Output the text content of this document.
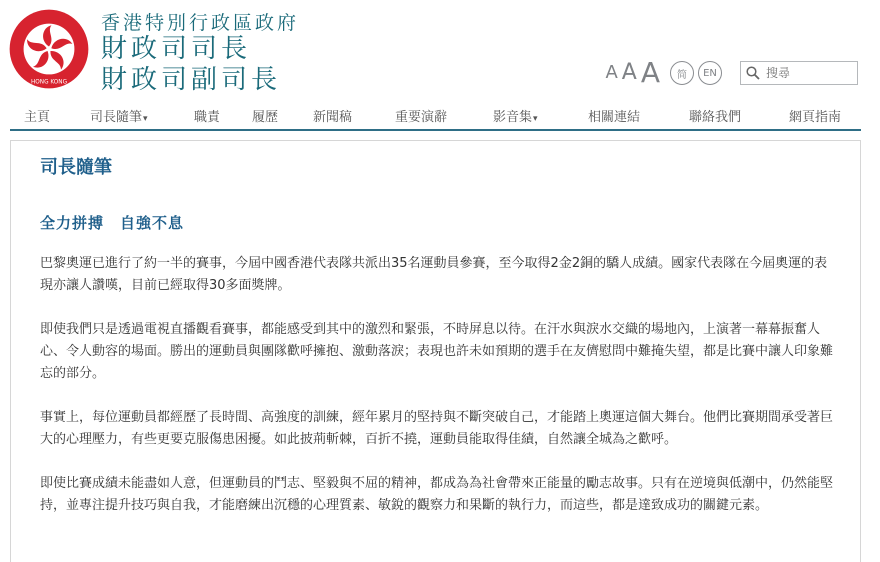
HONG KONG
香港特別行政區政府
財政司司長
財政司副司長	A A A	简	EN
搜尋
主頁	司長隨筆▾	職責 履歷	新聞稿	重要演辭	影音集▾	相關連結	聯絡我們	網頁指南
司長隨筆
全力拼搏　自強不息

巴黎奧運已進行了約一半的賽事，今屆中國香港代表隊共派出35名運動員參賽，至今取得2金2銅的驕人成績。國家代表隊在今屆奧運的表現亦讓人讚嘆，目前已經取得30多面獎牌。

即使我們只是透過電視直播觀看賽事，都能感受到其中的激烈和緊張，不時屏息以待。在汗水與淚水交織的場地內，上演著一幕幕振奮人心、令人動容的場面。勝出的運動員與團隊歡呼擁抱、激動落淚；表現也許未如預期的選手在友儕慰問中難掩失望，都是比賽中讓人印象難忘的部分。

事實上，每位運動員都經歷了長時間、高強度的訓練，經年累月的堅持與不斷突破自己，才能踏上奧運這個大舞台。他們比賽期間承受著巨大的心理壓力，有些更要克服傷患困擾。如此披荊斬棘，百折不撓，運動員能取得佳績，自然讓全城為之歡呼。

即使比賽成績未能盡如人意，但運動員的鬥志、堅毅與不屈的精神，都成為為社會帶來正能量的勵志故事。只有在逆境與低潮中，仍然能堅持，並專注提升技巧與自我，才能磨練出沉穩的心理質素、敏銳的觀察力和果斷的執行力，而這些，都是達致成功的關鍵元素。
